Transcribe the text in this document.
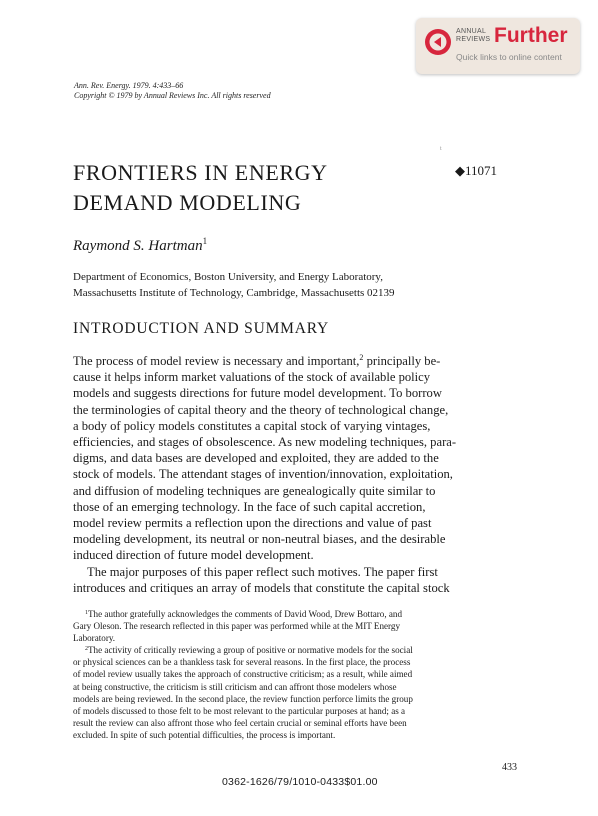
ANNUAL
REVIEWS Further
Quick links to online content
Ann. Rev. Energy. 1979. 4:433–66
Copyright © 1979 by Annual Reviews Inc. All rights reserved
t
FRONTIERS IN ENERGY
DEMAND MODELING
◆11071
Raymond S. Hartman$^1$
Department of Economics, Boston University, and Energy Laboratory,
Massachusetts Institute of Technology, Cambridge, Massachusetts 02139
INTRODUCTION AND SUMMARY
The process of model review is necessary and important,$^2$ principally be-
cause it helps inform market valuations of the stock of available policy
models and suggests directions for future model development. To borrow
the terminologies of capital theory and the theory of technological change,
a body of policy models constitutes a capital stock of varying vintages,
efficiencies, and stages of obsolescence. As new modeling techniques, para-
digms, and data bases are developed and exploited, they are added to the
stock of models. The attendant stages of invention/innovation, exploitation,
and diffusion of modeling techniques are genealogically quite similar to
those of an emerging technology. In the face of such capital accretion,
model review permits a reflection upon the directions and value of past
modeling development, its neutral or non-neutral biases, and the desirable
induced direction of future model development.
The major purposes of this paper reflect such motives. The paper first
introduces and critiques an array of models that constitute the capital stock
$^1$The author gratefully acknowledges the comments of David Wood, Drew Bottaro, and
Gary Oleson. The research reflected in this paper was performed while at the MIT Energy
Laboratory.
$^2$The activity of critically reviewing a group of positive or normative models for the social
or physical sciences can be a thankless task for several reasons. In the first place, the process
of model review usually takes the approach of constructive criticism; as a result, while aimed
at being constructive, the criticism is still criticism and can affront those modelers whose
models are being reviewed. In the second place, the review function perforce limits the group
of models discussed to those felt to be most relevant to the particular purposes at hand; as a
result the review can also affront those who feel certain crucial or seminal efforts have been
excluded. In spite of such potential difficulties, the process is important.
433
0362-1626/79/1010-0433$01.00
